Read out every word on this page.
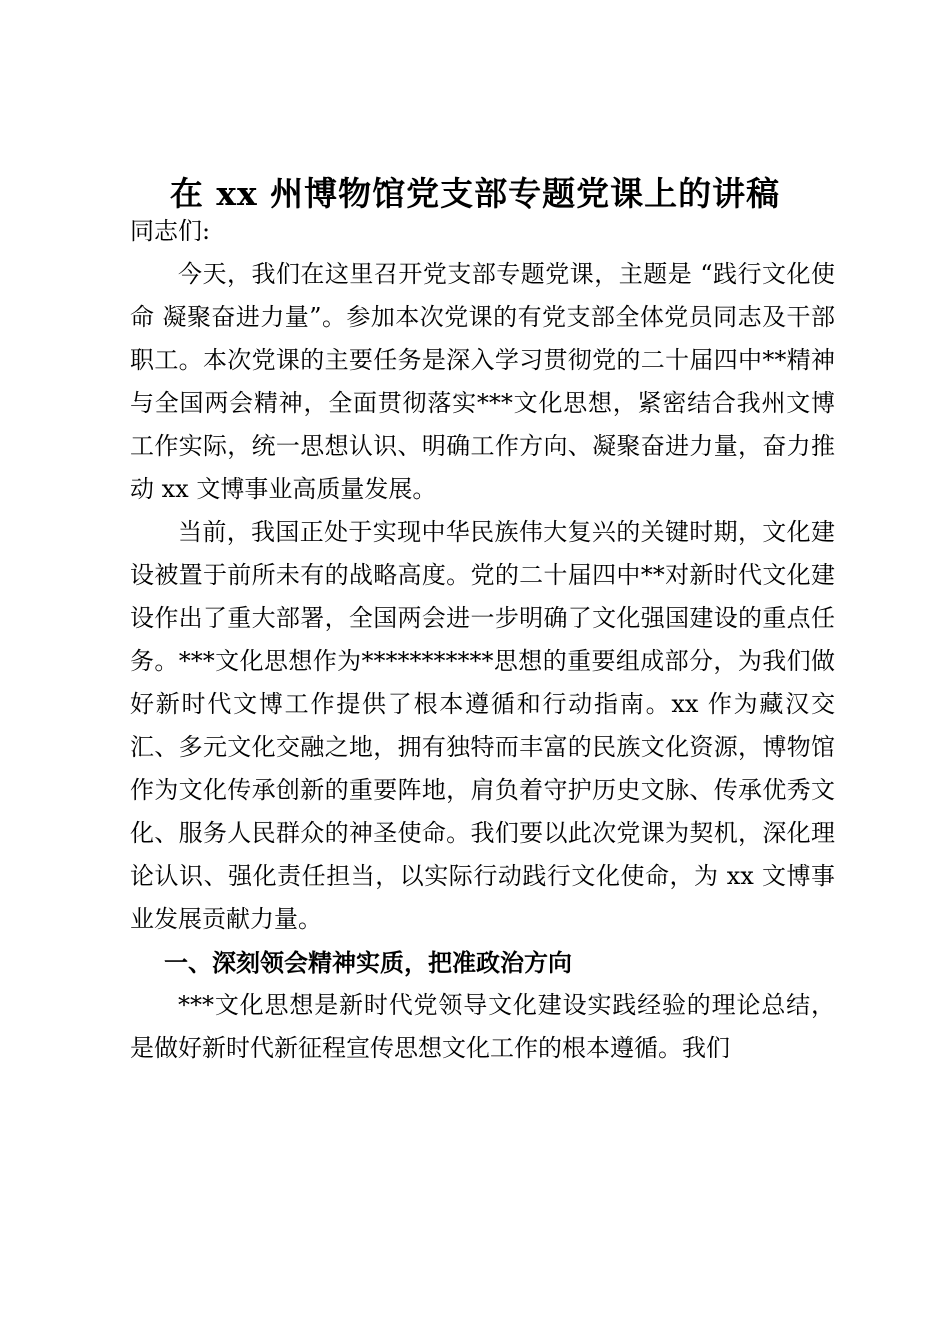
在 xx 州博物馆党支部专题党课上的讲稿

同志们:

今天，我们在这里召开党支部专题党课，主题是 “践行文化使命 凝聚奋进力量”。参加本次党课的有党支部全体党员同志及干部职工。本次党课的主要任务是深入学习贯彻党的二十届四中**精神与全国两会精神，全面贯彻落实***文化思想，紧密结合我州文博工作实际，统一思想认识、明确工作方向、凝聚奋进力量，奋力推动 xx 文博事业高质量发展。

当前，我国正处于实现中华民族伟大复兴的关键时期，文化建设被置于前所未有的战略高度。党的二十届四中**对新时代文化建设作出了重大部署，全国两会进一步明确了文化强国建设的重点任务。***文化思想作为***********思想的重要组成部分，为我们做好新时代文博工作提供了根本遵循和行动指南。xx 作为藏汉交汇、多元文化交融之地，拥有独特而丰富的民族文化资源，博物馆作为文化传承创新的重要阵地，肩负着守护历史文脉、传承优秀文化、服务人民群众的神圣使命。我们要以此次党课为契机，深化理论认识、强化责任担当，以实际行动践行文化使命，为 xx 文博事业发展贡献力量。

一、深刻领会精神实质，把准政治方向

***文化思想是新时代党领导文化建设实践经验的理论总结，是做好新时代新征程宣传思想文化工作的根本遵循。我们
